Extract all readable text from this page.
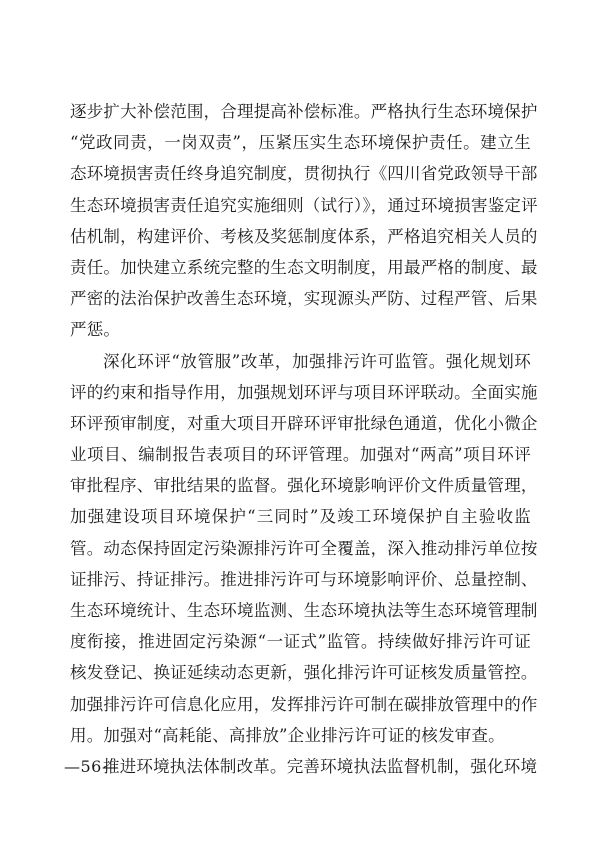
逐步扩大补偿范围，合理提高补偿标准。严格执行生态环境保护
“党政同责，一岗双责”，压紧压实生态环境保护责任。建立生
态环境损害责任终身追究制度，贯彻执行《四川省党政领导干部
生态环境损害责任追究实施细则（试行）》，通过环境损害鉴定评
估机制，构建评价、考核及奖惩制度体系，严格追究相关人员的
责任。加快建立系统完整的生态文明制度，用最严格的制度、最
严密的法治保护改善生态环境，实现源头严防、过程严管、后果
严惩。
深化环评“放管服”改革，加强排污许可监管。强化规划环
评的约束和指导作用，加强规划环评与项目环评联动。全面实施
环评预审制度，对重大项目开辟环评审批绿色通道，优化小微企
业项目、编制报告表项目的环评管理。加强对“两高”项目环评
审批程序、审批结果的监督。强化环境影响评价文件质量管理，
加强建设项目环境保护“三同时”及竣工环境保护自主验收监
管。动态保持固定污染源排污许可全覆盖，深入推动排污单位按
证排污、持证排污。推进排污许可与环境影响评价、总量控制、
生态环境统计、生态环境监测、生态环境执法等生态环境管理制
度衔接，推进固定污染源“一证式”监管。持续做好排污许可证
核发登记、换证延续动态更新，强化排污许可证核发质量管控。
加强排污许可信息化应用，发挥排污许可制在碳排放管理中的作
用。加强对“高耗能、高排放”企业排污许可证的核发审查。
推进环境执法体制改革。完善环境执法监督机制，强化环境
—56—
